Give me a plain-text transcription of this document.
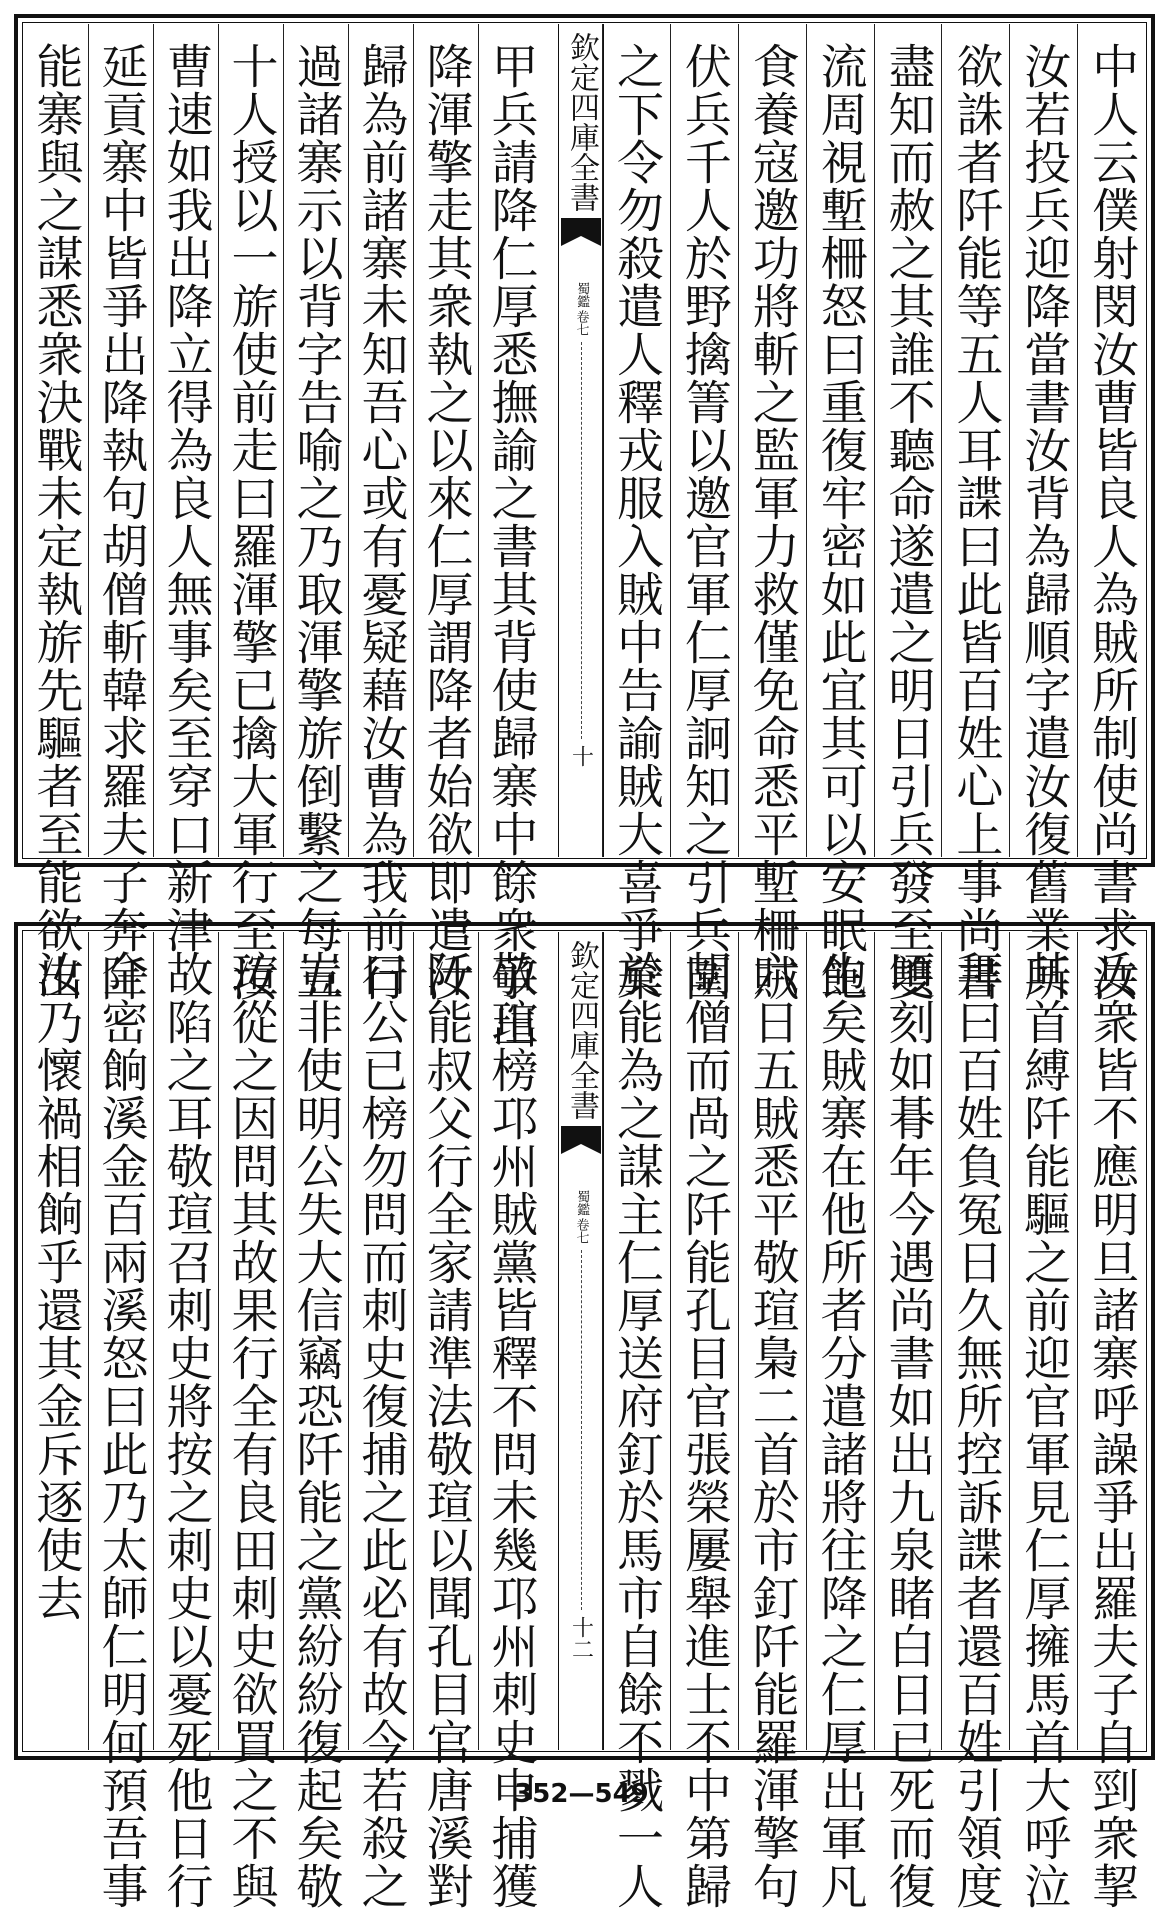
中人云僕射閔汝曹皆良人為賊所制使尚書求汝
汝若投兵迎降當書汝背為歸順字遣汝復舊業所
欲誅者阡能等五人耳諜曰此皆百姓心上事尚書
盡知而赦之其誰不聽命遂遣之明日引兵發至雙
流周視塹柵怒曰重復牢密如此宜其可以安眠飽
食養寇邀功將斬之監軍力救僅免命悉平塹柵賊
伏兵千人於野擒箐以邀官軍仁厚詗知之引兵圍
之下令勿殺遣人釋戎服入賊中告諭賊大喜爭棄
欽定四庫全書
蜀鑑
卷七
十
甲兵請降仁厚悉撫諭之書其背使歸寨中餘衆爭出
降渾擎走其衆執之以來仁厚謂降者始欲即遣汝
歸為前諸寨未知吾心或有憂疑藉汝曹為我前行
過諸寨示以背字告喻之乃取渾擎旂倒繫之每五
十人授以一旂使前走曰羅渾擎已擒大軍行至汝
曹速如我出降立得為良人無事矣至穿口新津
延貢寨中皆爭出降執句胡僧斬韓求羅夫子奔阡
能寨與之謀悉衆決戰未定執旂先驅者至能欲出
兵衆皆不應明旦諸寨呼譟爭出羅夫子自剄衆挈
其首縛阡能驅之前迎官軍見仁厚擁馬首大呼泣
拜曰百姓負冤日久無所控訴諜者還百姓引領度
頃刻如朞年今遇尚書如出九泉睹白日已死而復
生矣賊寨在他所者分遣諸將往降之仁厚出軍凡
六日五賊悉平敬瑄梟二首於市釘阡能羅渾擎句
胡僧而咼之阡能孔目官張榮屢舉進士不中第歸
於能為之謀主仁厚送府釘於馬市自餘不戮一人
欽定四庫全書
蜀鑑
卷七
十二
敬瑄榜邛州賊黨皆釋不問未幾邛州刺史申捕獲
阡能叔父行全家請準法敬瑄以聞孔目官唐溪對
曰公已榜勿問而刺史復捕之此必有故今若殺之
豈非使明公失大信竊恐阡能之黨紛紛復起矣敬
瑄從之因問其故果行全有良田刺史欲買之不與
故陷之耳敬瑄召刺史將按之刺史以憂死他日行
全密餉溪金百兩溪怒曰此乃太師仁明何預吾事
汝乃懷禍相餉乎還其金斥逐使去
352—549
